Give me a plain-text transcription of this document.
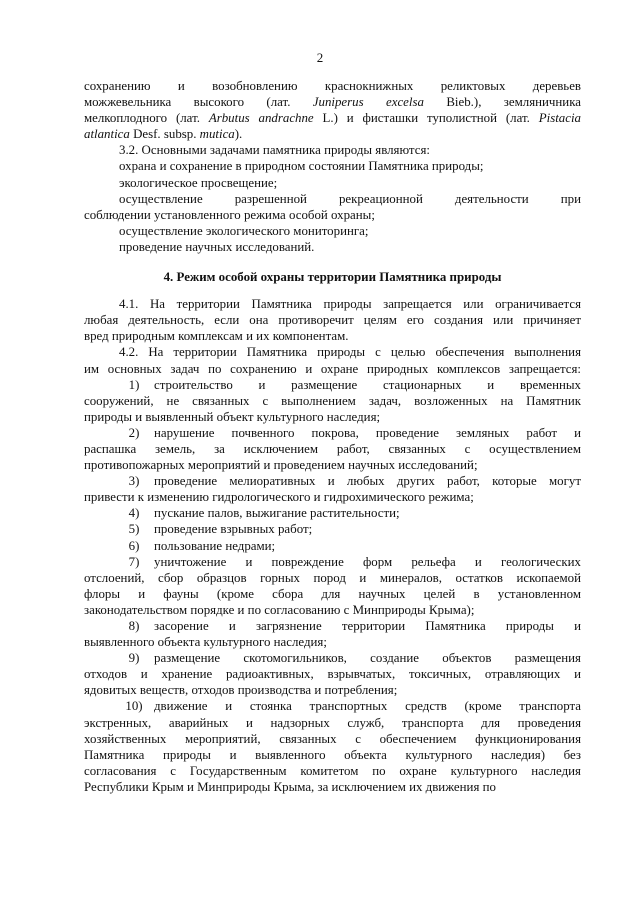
2
сохранению и возобновлению краснокнижных реликтовых деревьев
можжевельника высокого (лат. Juniperus excelsa Bieb.), земляничника
мелкоплодного (лат. Arbutus andrachne L.) и фисташки туполистной (лат. Pistacia
atlantica Desf. subsp. mutica).
3.2. Основными задачами памятника природы являются:
охрана и сохранение в природном состоянии Памятника природы;
экологическое просвещение;
осуществление разрешенной рекреационной деятельности при
соблюдении установленного режима особой охраны;
осуществление экологического мониторинга;
проведение научных исследований.
4. Режим особой охраны территории Памятника природы
4.1. На территории Памятника природы запрещается или ограничивается
любая деятельность, если она противоречит целям его создания или причиняет
вред природным комплексам и их компонентам.
4.2. На территории Памятника природы с целью обеспечения выполнения
им основных задач по сохранению и охране природных комплексов запрещается:
1)	строительство и размещение стационарных и временных
сооружений, не связанных с выполнением задач, возложенных на Памятник
природы и выявленный объект культурного наследия;
2)	нарушение почвенного покрова, проведение земляных работ и
распашка земель, за исключением работ, связанных с осуществлением
противопожарных мероприятий и проведением научных исследований;
3)	проведение мелиоративных и любых других работ, которые могут
привести к изменению гидрологического и гидрохимического режима;
4)	пускание палов, выжигание растительности;
5)	проведение взрывных работ;
6)	пользование недрами;
7)	уничтожение и повреждение форм рельефа и геологических
отслоений, сбор образцов горных пород и минералов, остатков ископаемой
флоры и фауны (кроме сбора для научных целей в установленном
законодательством порядке и по согласованию с Минприроды Крыма);
8)	засорение и загрязнение территории Памятника природы и
выявленного объекта культурного наследия;
9)	размещение скотомогильников, создание объектов размещения
отходов и хранение радиоактивных, взрывчатых, токсичных, отравляющих и
ядовитых веществ, отходов производства и потребления;
10) движение и стоянка транспортных средств (кроме транспорта
экстренных, аварийных и надзорных служб, транспорта для проведения
хозяйственных мероприятий, связанных с обеспечением функционирования
Памятника природы и выявленного объекта культурного наследия) без
согласования с Государственным комитетом по охране культурного наследия
Республики Крым и Минприроды Крыма, за исключением их движения по
